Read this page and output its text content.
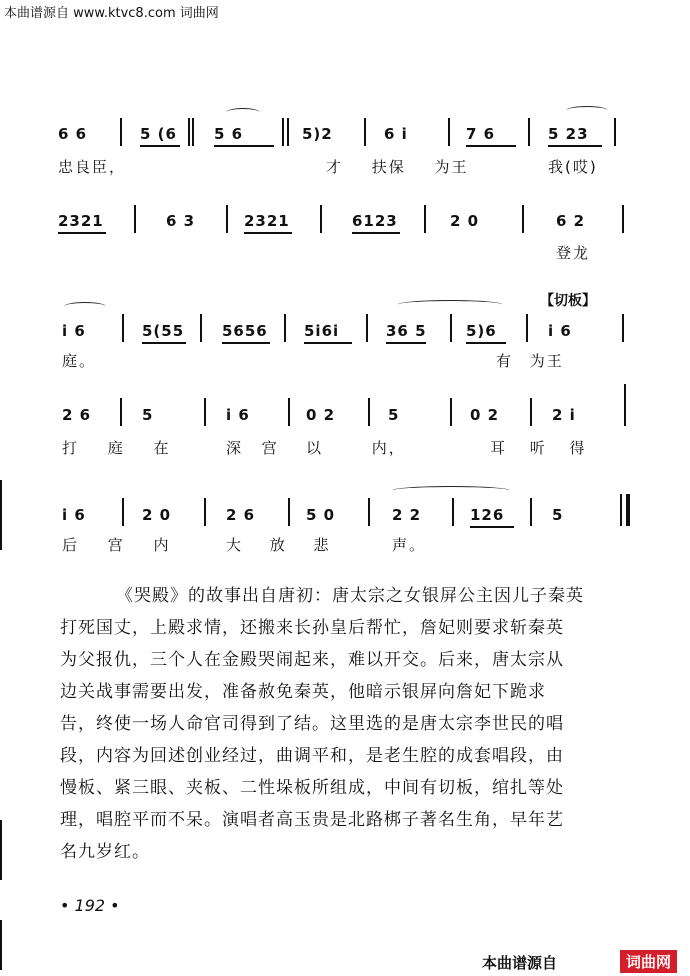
本曲谱源自 www.ktvc8.com 词曲网
6 6	5 (6 5 6	5)2	6 i	7 6	5 23
忠良臣，	才 扶保 为王	我(哎)
2321	6 3	2321	6123	2 0	6 2
登龙
【切板】
i 6	5(55	5656 5i6i	36 5	5)6	i 6
庭。	有 为王
2 6	5	i 6	0 2	5	0 2	2 i
打 庭 在	深 宫 以 内，	耳 听 得
i 6	2 0	2 6	5 0	2 2	126	5
后 宫 内	大 放 悲	声。
《哭殿》的故事出自唐初：唐太宗之女银屏公主因儿子秦英
打死国丈，上殿求情，还搬来长孙皇后帮忙，詹妃则要求斩秦英
为父报仇，三个人在金殿哭闹起来，难以开交。后来，唐太宗从
边关战事需要出发，准备赦免秦英，他暗示银屏向詹妃下跪求
告，终使一场人命官司得到了结。这里选的是唐太宗李世民的唱
段，内容为回述创业经过，曲调平和，是老生腔的成套唱段，由
慢板、紧三眼、夹板、二性垛板所组成，中间有切板，绾扎等处
理，唱腔平而不呆。演唱者高玉贵是北路梆子著名生角，早年艺
名九岁红。
• 192 •
本曲谱源自	词曲网
